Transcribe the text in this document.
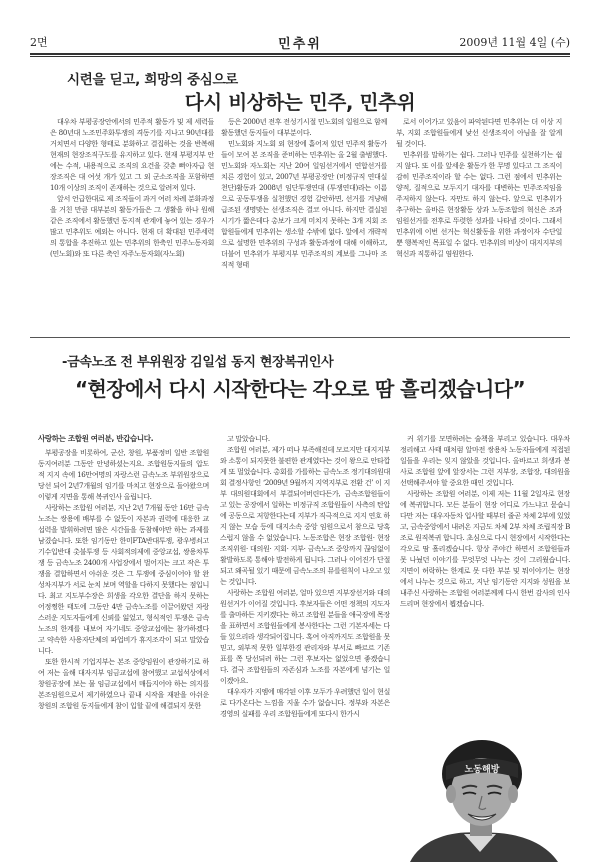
2면	민추위	2009년 11월 4일 (수)
시련을 딛고, 희망의 중심으로
다시 비상하는 민주, 민추위

대우차 부평공장안에서의 민주적 활동가 및 제 세력들은 80년대 노조민주화투쟁의 격동기를 지나고 90년대를 거치면서 다양한 형태로 분화하고 결집하는 것을 반복해 현재의 현장조직구도를 유지하고 있다. 현재 부평지부 안에는 수적, 내용적으로 조직의 요건을 갖춘 뻐아자급 현장조직은 대 여섯 개가 있고 그 외 군소조직을 포함하면 10개 이상의 조직이 존재하는 것으로 알려져 있다.

앞서 언급한대로 제 조직들이 과거 여러 차례 분화과정을 거친 만큼 대부분의 활동가들은 그 생활을 하나 원해 같은 조직에서 활동했던 동지적 관계에 놓여 있는 경우가 많고 민추위도 예외는 아니다. 현재 더 확대된 민주세력의 통합을 추진하고 있는 민추위의 한축인 민주노동자회(민노회)와 또 다른 축인 자주노동자회(자노회)

등은 2000년 전후 전성기시절 민노회의 일원으로 함께 활동했던 동지들이 대부분이다.

민노회와 지노회 외 현장에 흩어져 있던 민주적 활동가들이 모여 본 조직을 준비하는 민추위는 올 2월 출범했다. 민노회와 자노회는 지난 20여 일임선거에서 연합선거를 치른 경험이 있고, 2007년 부평공장안 (비정규직 연대실천단)활동과 2008년 임단투쟁연대 (투쟁연대)라는 이름으로 공동투쟁을 실천했던 경험 갈안하면, 선거를 겨냥해 급조된 생명맞는 선생조직은 결코 아니다. 하지만 결실된 시기가 짧은데다 총보가 크게 미치지 못하는 3개 지회 조합원들에게 민추위는 생소할 수밖에 없다. 앞에서 개략적으로 설명한 민추위의 구성과 활동과정에 대해 이해하고, 더불어 민추위가 부평지부 민주조직의 계보를 그나마 조직적 형태

로서 이어가고 있음이 파악된다면 민추위는 더 이상 지부, 지회 조합원들에게 낯선 신생조직이 아님을 잘 알게 될 것이다.

민추위를 말하기는 쉽다. 그러나 민주를 실천하기는 쉽지 않다. 또 이를 앞세운 활동가 한 무명 있다고 그 조직이 감히 민주조직이라 할 수는 없다. 그런 점에서 민추위는 양적, 질적으로 모두지기 대자를 대변하는 민주조직임을 주저하지 않는다. 자만도 하지 않는다. 앞으로 민추위가 추구하는 올바른 현장활동 상과 노동조합의 혁신은 조과 임원선거를 전후로 뚜렷한 성과를 나타낼 것이다. 그래서 민추위에 이번 선거는 혁신활동을 위한 과정이자 수단일 뿐 행복적인 목표일 수 없다. 민추위의 비상이 대지지부의 혁신과 직통하길 염원한다.

-금속노조 전 부위원장 김일섭 동지 현장복귀인사
“현장에서 다시 시작한다는 각오로 땀 흘리겠습니다”
사랑하는 조합원 여러분, 반갑습니다.

부평공장을 비롯하여, 군산, 창원, 부품정비 일반 조합원 동지여러분 그동안 안녕하셨는지요. 조합원동지들의 압도적 지지 속에 16만여명의 자랑스런 금속노조 부위원장으로 당선 되어 2년7개월의 임기를 마치고 현장으로 돌아왔으며 이렇게 지면을 통해 복귀인사 올립니다.

사랑하는 조합원 여러분, 지난 2년 7개월 동안 16만 금속노조는 쌍용에 배부를 수 없듯이 자본과 권력에 대응한 교섭력을 발휘하려면 많은 시간들을 동참해야만 하는 과제를 남겼습니다. 또한 임기동안 한미FTA반대투쟁, 광우병쇠고기수입반대 촛불투쟁 등 사회적의제에 중앙교섭, 쌍용차투쟁 등 금속노조 2400개 사업장에서 벌어지는 크고 작은 투쟁을 결합하면서 아쉬운 것은 그 투쟁에 중심이어야 할 완성차지부가 서로 눈치 보며 역할을 다하지 못했다는 점입니다. 최고 지도부수장은 희생을 각오한 결단을 하지 못하는 어정쩡한 태도에 그동안 4만 금속노조를 이끌어왔던 자랑스러운 지도자들에게 신뢰를 잃었고, 형식적인 투쟁은 금속노조의 한계를 내보여 자기네도 중앙교섭에는 참가하겠다고 약속한 사용자단체의 파업비가 휴지조각이 되고 말았습니다.

또한 한시적 기업지부는 본조 중앙임원이 관장하기로 하여 저는 올해 대자지부 임금교섭에 참여했고 교섭석상에서 창원공장에 보는 물 임금교섭에서 매듭지어야 하는 의지를 본조임원으로서 제기하였으나 끝내 시작을 재판을 아쉬운 창원의 조합원 동지들에게 참이 입할 끝에 해결되지 못한

고 말았습니다.

조합원 여러분, 제가 떠나 부족해진데 모르지만 대지지부와 소통이 되지못한 불편한 관계였다는 것이 왕으로 안타깝게 또 멀었습니다. 총회를 가를하는 금속노조 정기대의원대회 결정사항인 ‘2009년 9월까지 지역지부로 전환 건’ 이 지부 대의원대회에서 부결되어버린다든가, 금속조합원들이고 있는 공장에서 일하는 비정규직 조합원들이 사측의 탄압에 공동으로 저항한다는데 지부가 직극적으로 지지 연호 하지 않는 모습 등에 대지소속 중앙 임원으로서 참으로 당혹스럽지 않을 수 없었습니다. 노동조합은 현장 조합원· 현장조직위원· 대의원· 지회· 지부· 금속노조 중앙까지 끊임없이 활발하도록 통해야 발전하게 됩니다. 그러나 이어진가 단절되고 왜곡될 있기 때문에 금속노조의 뮤를원칙이 나오고 있는 것입니다.

사랑하는 조합원 여러분, 얼마 있으면 지부장선거와 대의원선거가 이어질 것입니다. 후보자들은 어떤 정책의 지도자를 출마하든 지키겠다는 하고 조합원 분들을 애국장에 목장을 표하면서 조합원들에게 봉사한다는 그런 기본자세는 다들 있으리라 생각되어집니다. 혹여 아직까지도 조합원을 못 믿고, 외부적 못한 일부한경 관리자와 부서로 빠르르 기존 표를 쪽 당선되려 하는 그런 후보자는 없었으면 좋겠습니다. 결국 조합원들의 자존심과 노조를 자본에게 넘기는 일이겠아요.

대우자가 지엠에 매각된 이후 모두가 우려했던 일이 현실로 다가온다는 느낌을 지울 수가 없습니다. 정부와 자본은 경영의 실패를 우리 조합원들에게 또다시 한가시

커 위기를 모면하려는 술책을 부리고 있습니다. 대우차 정리해고 사태 때처럼 알마전 쌍용차 노동자들에게 직접된 일들을 우리는 잊지 않았을 것입니다. 올바르고 희생과 봉사로 조합원 앞에 앞장서는 그런 지부장, 조합장, 대의원을 선택해주셔야 할 중요한 때인 것입니다.

사랑하는 조합원 여러분, 이제 저는 11월 2일자로 현장에 복귀합니다. 모든 분들이 현장 어디로 가느냐고 묻습니다만 저는 대우자동차 입사할 때부터 줄곧 차체 2부에 있었고, 금속중앙에서 내려온 지금도 차체 2부 차체 조립직장 B조로 원직복귀 합니다. 초심으로 다시 현장에서 시작한다는 각오로 땀 흘리겠습니다. 항상 주야간 하면서 조합원들과 못 나눴던 이야기를 무엇무엇 나누는 것이 그리웠습니다. 지면이 허락하는 한계로 못 다한 부분 및 뭐이야기는 현장에서 나누는 것으로 하고, 지난 임기동안 지지와 성원을 보내주신 사랑하는 조합원 여러분께께 다시 한번 감사의 인사드리며 현장에서 뵙겠습니다.

노동해방
